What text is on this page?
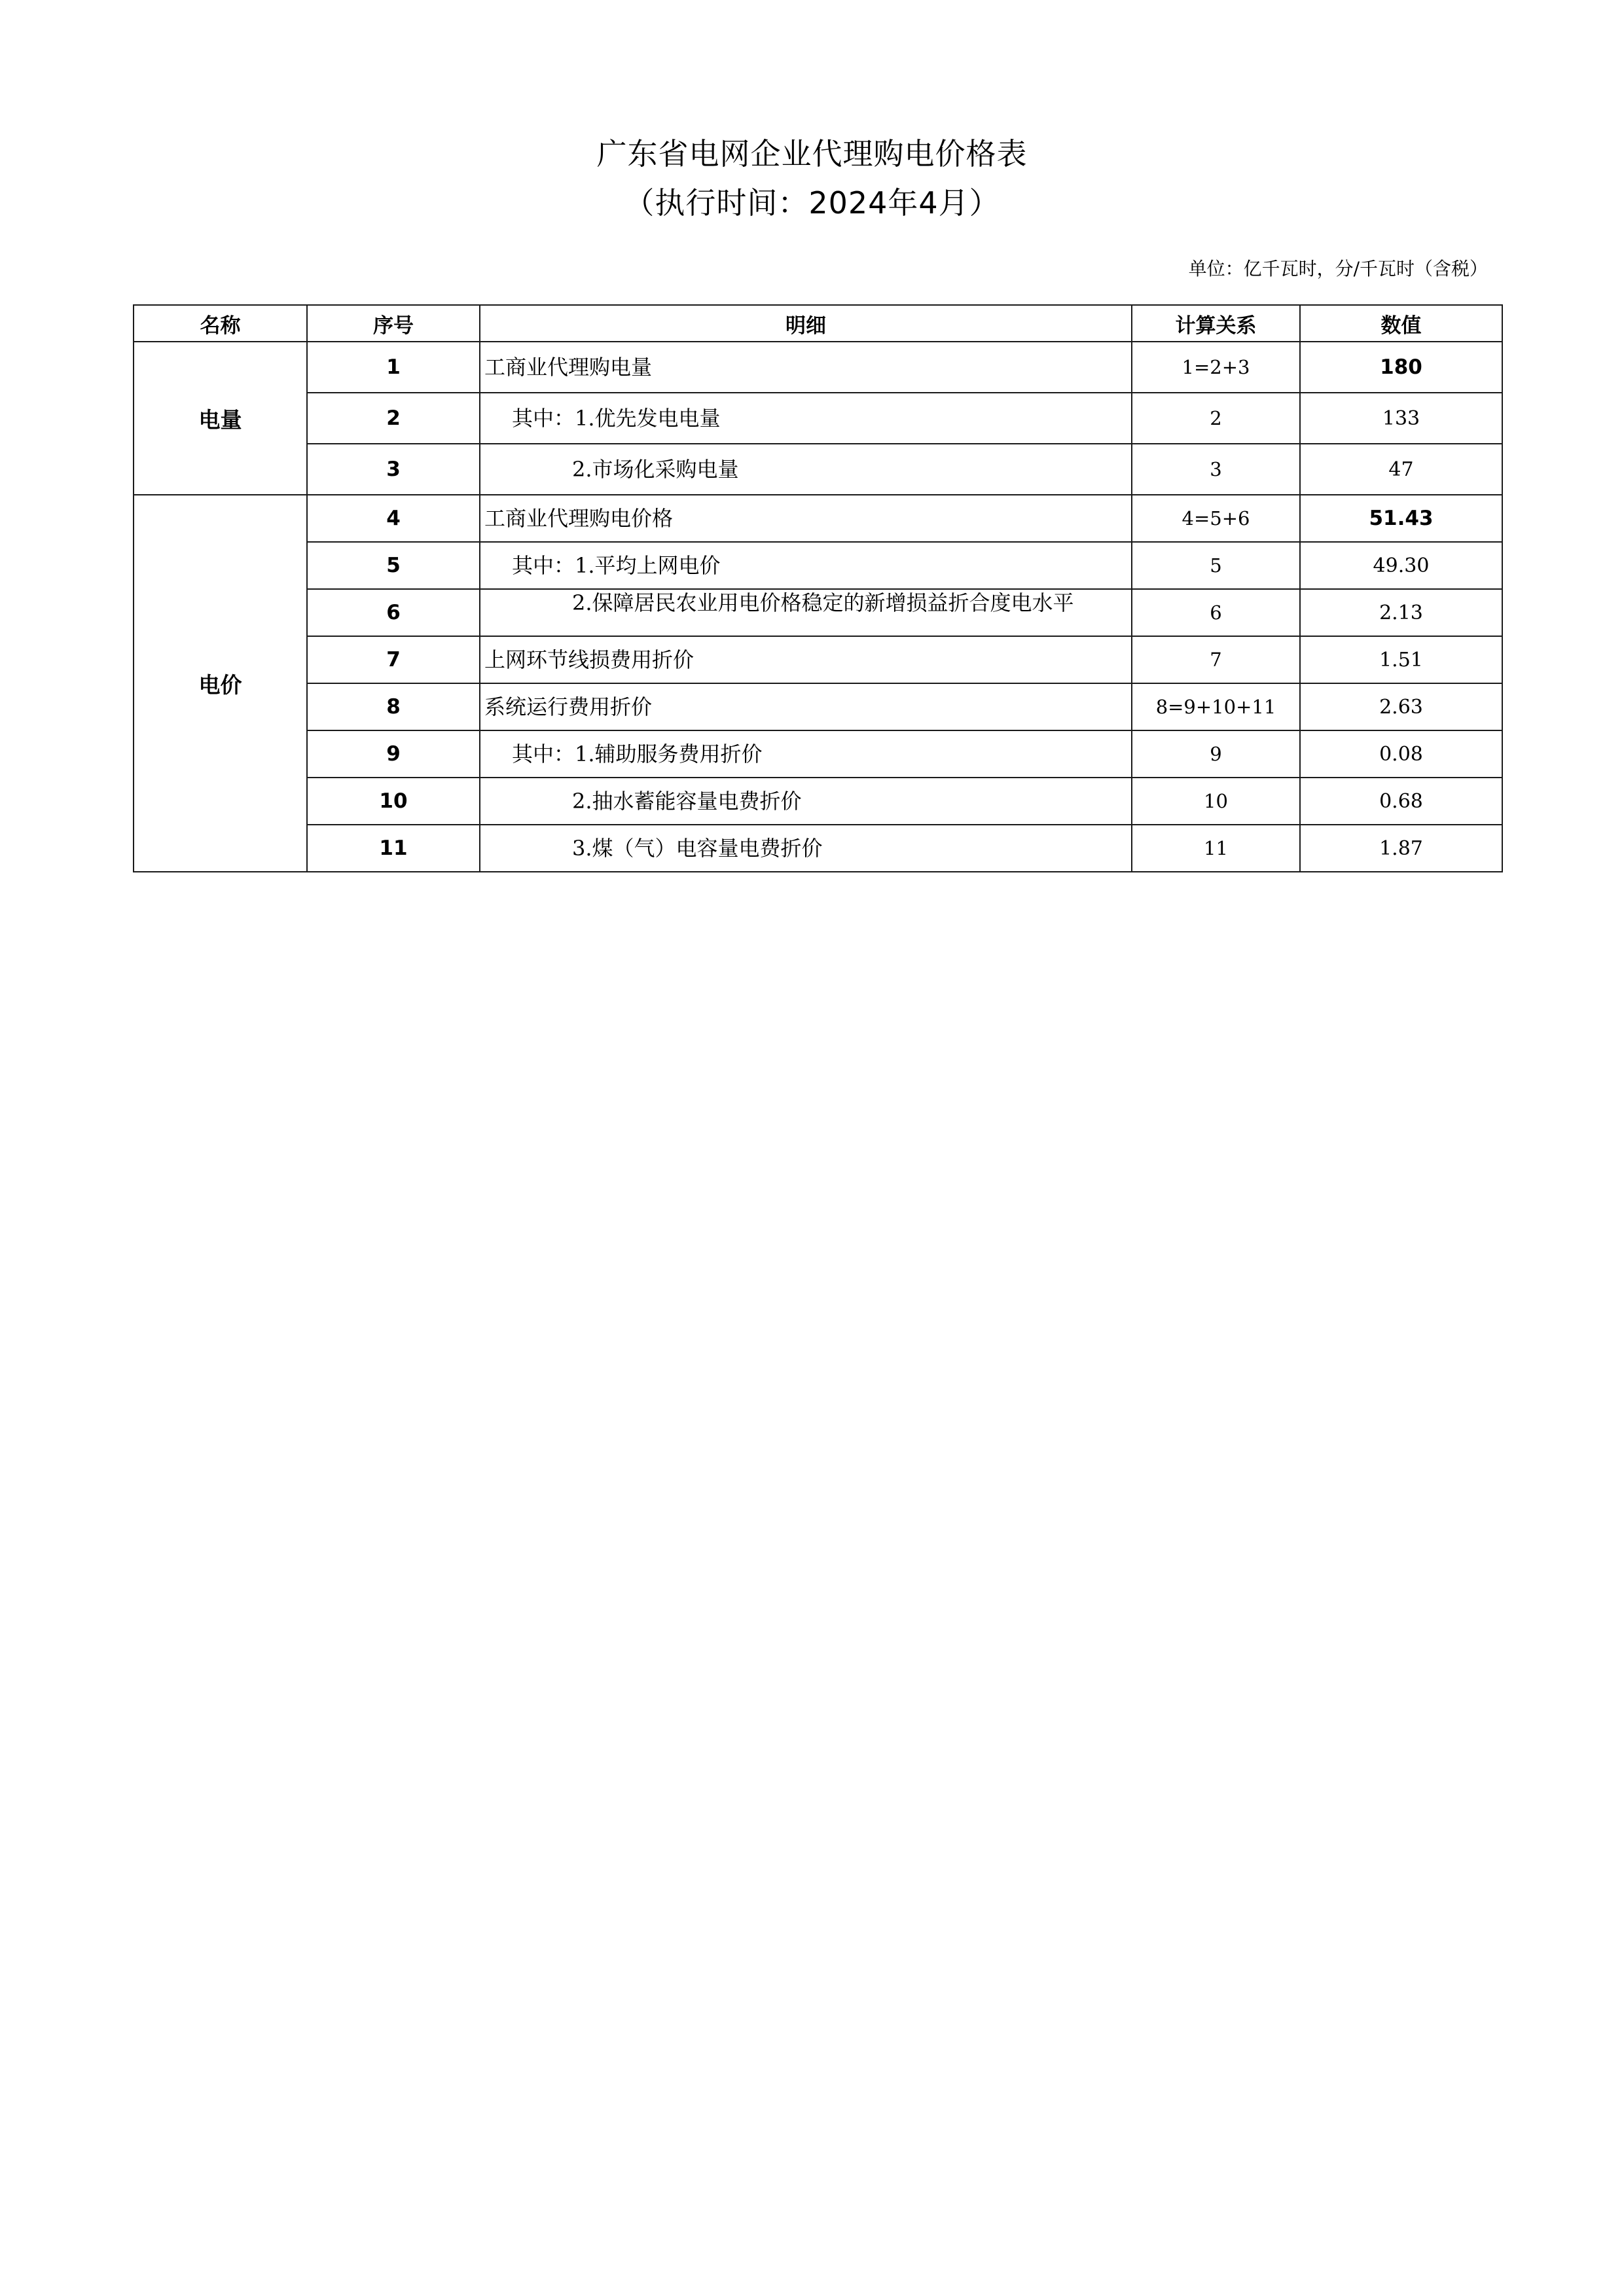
广东省电网企业代理购电价格表
（执行时间：2024年4月）
单位：亿千瓦时，分/千瓦时（含税）
名称	序号	明细	计算关系	数值
电量	1	工商业代理购电量	1=2+3	180
	2	其中：1.优先发电电量	2	133
	3	2.市场化采购电量	3	47
电价	4	工商业代理购电价格	4=5+6	51.43
	5	其中：1.平均上网电价	5	49.30
	6	2.保障居民农业用电价格稳定的新增损益折合度电水平	6	2.13
	7	上网环节线损费用折价	7	1.51
	8	系统运行费用折价	8=9+10+11	2.63
	9	其中：1.辅助服务费用折价	9	0.08
	10	2.抽水蓄能容量电费折价	10	0.68
	11	3.煤（气）电容量电费折价	11	1.87
